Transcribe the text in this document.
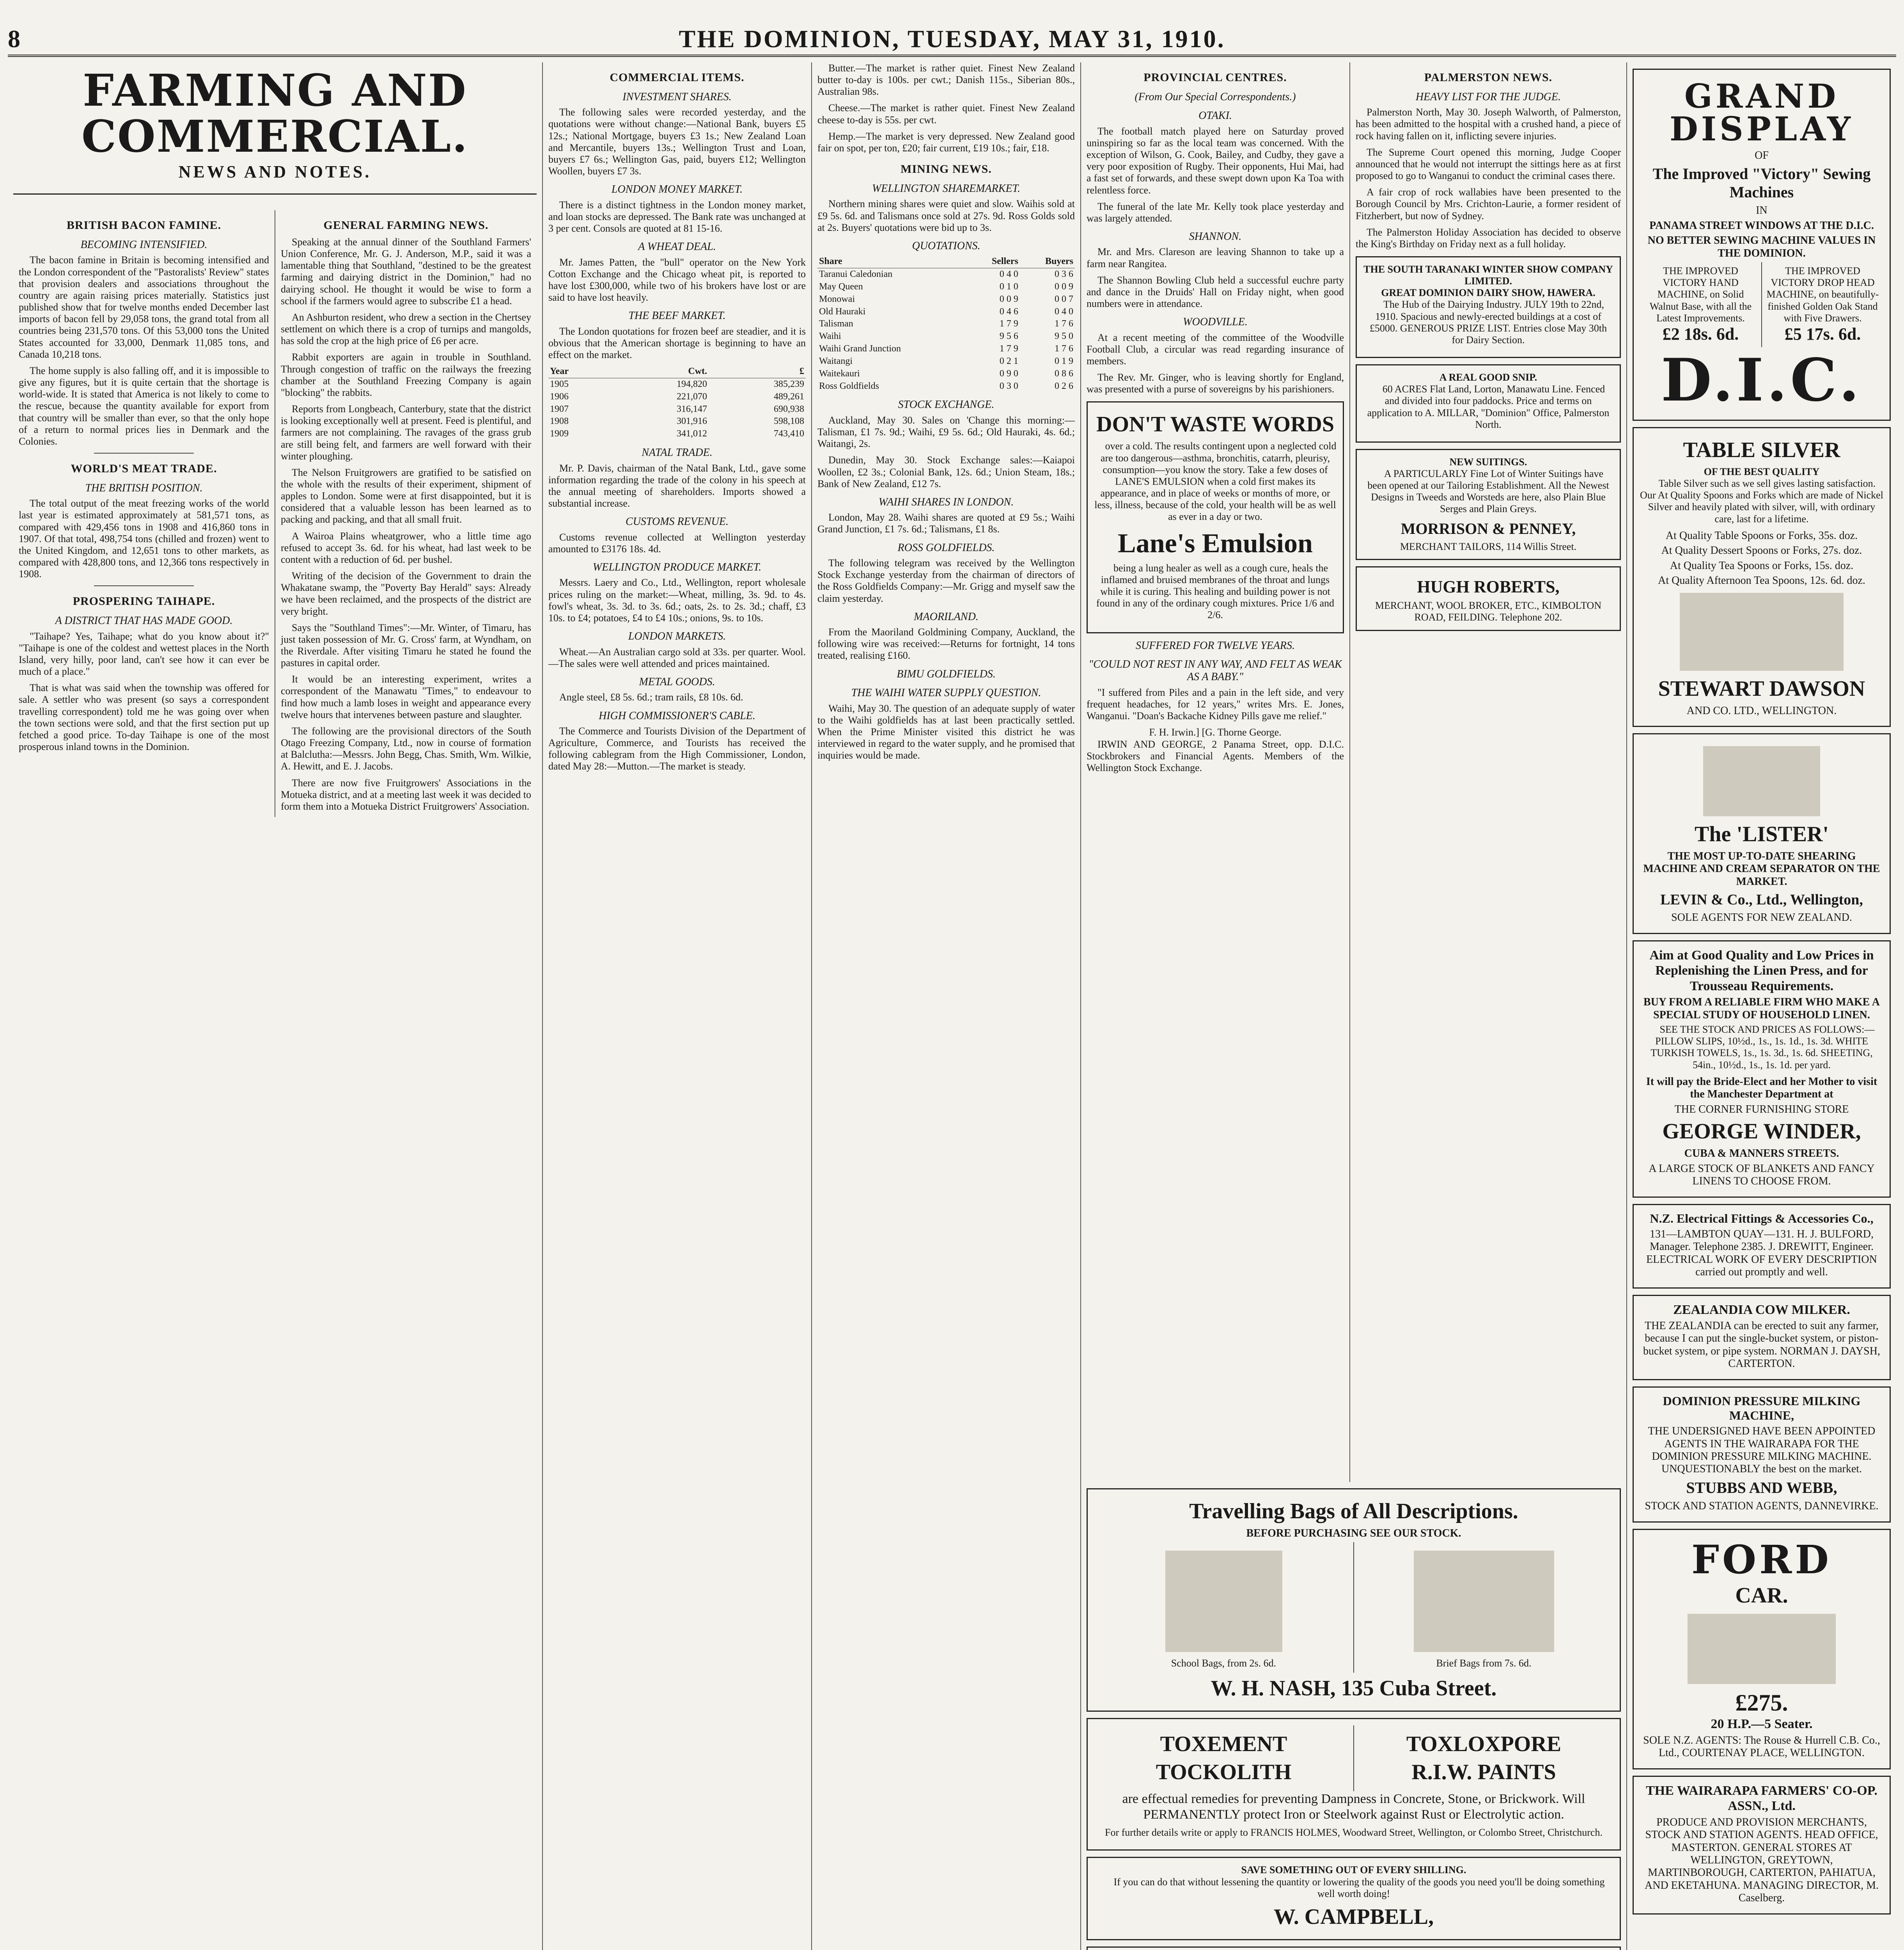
8	THE DOMINION, TUESDAY, MAY 31, 1910.
FARMING AND COMMERCIAL.
NEWS AND NOTES.
BRITISH BACON FAMINE.
BECOMING INTENSIFIED.

The bacon famine in Britain is becoming intensified and the London correspondent of the "Pastoralists' Review" states that provision dealers and associations throughout the country are again raising prices materially. Statistics just published show that for twelve months ended December last imports of bacon fell by 29,058 tons, the grand total from all countries being 231,570 tons. Of this 53,000 tons the United States accounted for 33,000, Denmark 11,085 tons, and Canada 10,218 tons.

The home supply is also falling off, and it is impossible to give any figures, but it is quite certain that the shortage is world-wide. It is stated that America is not likely to come to the rescue, because the quantity available for export from that country will be smaller than ever, so that the only hope of a return to normal prices lies in Denmark and the Colonies.

WORLD'S MEAT TRADE.
THE BRITISH POSITION.

The total output of the meat freezing works of the world last year is estimated approximately at 581,571 tons, as compared with 429,456 tons in 1908 and 416,860 tons in 1907. Of that total, 498,754 tons (chilled and frozen) went to the United Kingdom, and 12,651 tons to other markets, as compared with 428,800 tons, and 12,366 tons respectively in 1908.

PROSPERING TAIHAPE.
A DISTRICT THAT HAS MADE GOOD.

"Taihape? Yes, Taihape; what do you know about it?" "Taihape is one of the coldest and wettest places in the North Island, very hilly, poor land, can't see how it can ever be much of a place."

That is what was said when the township was offered for sale. A settler who was present (so says a correspondent travelling correspondent) told me he was going over when the town sections were sold, and that the first section put up fetched a good price. To-day Taihape is one of the most prosperous inland towns in the Dominion.

GENERAL FARMING NEWS.

Speaking at the annual dinner of the Southland Farmers' Union Conference, Mr. G. J. Anderson, M.P., said it was a lamentable thing that Southland, "destined to be the greatest farming and dairying district in the Dominion," had no dairying school. He thought it would be wise to form a school if the farmers would agree to subscribe £1 a head.

An Ashburton resident, who drew a section in the Chertsey settlement on which there is a crop of turnips and mangolds, has sold the crop at the high price of £6 per acre.

Rabbit exporters are again in trouble in Southland. Through congestion of traffic on the railways the freezing chamber at the Southland Freezing Company is again "blocking" the rabbits.

Reports from Longbeach, Canterbury, state that the district is looking exceptionally well at present. Feed is plentiful, and farmers are not complaining. The ravages of the grass grub are still being felt, and farmers are well forward with their winter ploughing.

The Nelson Fruitgrowers are gratified to be satisfied on the whole with the results of their experiment, shipment of apples to London. Some were at first disappointed, but it is considered that a valuable lesson has been learned as to packing and packing, and that all small fruit.

A Wairoa Plains wheatgrower, who a little time ago refused to accept 3s. 6d. for his wheat, had last week to be content with a reduction of 6d. per bushel.

Writing of the decision of the Government to drain the Whakatane swamp, the "Poverty Bay Herald" says: Already we have been reclaimed, and the prospects of the district are very bright.

Says the "Southland Times":—Mr. Winter, of Timaru, has just taken possession of Mr. G. Cross' farm, at Wyndham, on the Riverdale. After visiting Timaru he stated he found the pastures in capital order.

It would be an interesting experiment, writes a correspondent of the Manawatu "Times," to endeavour to find how much a lamb loses in weight and appearance every twelve hours that intervenes between pasture and slaughter.

The following are the provisional directors of the South Otago Freezing Company, Ltd., now in course of formation at Balclutha:—Messrs. John Begg, Chas. Smith, Wm. Wilkie, A. Hewitt, and E. J. Jacobs.

There are now five Fruitgrowers' Associations in the Motueka district, and at a meeting last week it was decided to form them into a Motueka District Fruitgrowers' Association.

COMMERCIAL ITEMS.
INVESTMENT SHARES.

The following sales were recorded yesterday, and the quotations were without change:—National Bank, buyers £5 12s.; National Mortgage, buyers £3 1s.; New Zealand Loan and Mercantile, buyers 13s.; Wellington Trust and Loan, buyers £7 6s.; Wellington Gas, paid, buyers £12; Wellington Woollen, buyers £7 3s.

LONDON MONEY MARKET.

There is a distinct tightness in the London money market, and loan stocks are depressed. The Bank rate was unchanged at 3 per cent. Consols are quoted at 81 15-16.

A WHEAT DEAL.

Mr. James Patten, the "bull" operator on the New York Cotton Exchange and the Chicago wheat pit, is reported to have lost £300,000, while two of his brokers have lost or are said to have lost heavily.

THE BEEF MARKET.

The London quotations for frozen beef are steadier, and it is obvious that the American shortage is beginning to have an effect on the market.

Year	Cwt.	£
1905	194,820	385,239
1906	221,070	489,261
1907	316,147	690,938
1908	301,916	598,108
1909	341,012	743,410
NATAL TRADE.

Mr. P. Davis, chairman of the Natal Bank, Ltd., gave some information regarding the trade of the colony in his speech at the annual meeting of shareholders. Imports showed a substantial increase.

CUSTOMS REVENUE.

Customs revenue collected at Wellington yesterday amounted to £3176 18s. 4d.

WELLINGTON PRODUCE MARKET.

Messrs. Laery and Co., Ltd., Wellington, report wholesale prices ruling on the market:—Wheat, milling, 3s. 9d. to 4s. fowl's wheat, 3s. 3d. to 3s. 6d.; oats, 2s. to 2s. 3d.; chaff, £3 10s. to £4; potatoes, £4 to £4 10s.; onions, 9s. to 10s.

LONDON MARKETS.

Wheat.—An Australian cargo sold at 33s. per quarter. Wool.—The sales were well attended and prices maintained.

METAL GOODS.

Angle steel, £8 5s. 6d.; tram rails, £8 10s. 6d.

HIGH COMMISSIONER'S CABLE.

The Commerce and Tourists Division of the Department of Agriculture, Commerce, and Tourists has received the following cablegram from the High Commissioner, London, dated May 28:—Mutton.—The market is steady.

Butter.—The market is rather quiet. Finest New Zealand butter to-day is 100s. per cwt.; Danish 115s., Siberian 80s., Australian 98s.

Cheese.—The market is rather quiet. Finest New Zealand cheese to-day is 55s. per cwt.

Hemp.—The market is very depressed. New Zealand good fair on spot, per ton, £20; fair current, £19 10s.; fair, £18.

MINING NEWS.
WELLINGTON SHAREMARKET.

Northern mining shares were quiet and slow. Waihis sold at £9 5s. 6d. and Talismans once sold at 27s. 9d. Ross Golds sold at 2s. Buyers' quotations were bid up to 3s.

QUOTATIONS.
Share	Sellers	Buyers
Taranui Caledonian	0 4 0	0 3 6
May Queen	0 1 0	0 0 9
Monowai	0 0 9	0 0 7
Old Hauraki	0 4 6	0 4 0
Talisman	1 7 9	1 7 6
Waihi	9 5 6	9 5 0
Waihi Grand Junction	1 7 9	1 7 6
Waitangi	0 2 1	0 1 9
Waitekauri	0 9 0	0 8 6
Ross Goldfields	0 3 0	0 2 6
STOCK EXCHANGE.

Auckland, May 30. Sales on 'Change this morning:—Talisman, £1 7s. 9d.; Waihi, £9 5s. 6d.; Old Hauraki, 4s. 6d.; Waitangi, 2s.

Dunedin, May 30. Stock Exchange sales:—Kaiapoi Woollen, £2 3s.; Colonial Bank, 12s. 6d.; Union Steam, 18s.; Bank of New Zealand, £12 7s.

WAIHI SHARES IN LONDON.

London, May 28. Waihi shares are quoted at £9 5s.; Waihi Grand Junction, £1 7s. 6d.; Talismans, £1 8s.

ROSS GOLDFIELDS.

The following telegram was received by the Wellington Stock Exchange yesterday from the chairman of directors of the Ross Goldfields Company:—Mr. Grigg and myself saw the claim yesterday.

MAORILAND.

From the Maoriland Goldmining Company, Auckland, the following wire was received:—Returns for fortnight, 14 tons treated, realising £160.

BIMU GOLDFIELDS.
THE WAIHI WATER SUPPLY QUESTION.

Waihi, May 30. The question of an adequate supply of water to the Waihi goldfields has at last been practically settled. When the Prime Minister visited this district he was interviewed in regard to the water supply, and he promised that inquiries would be made.

PROVINCIAL CENTRES.
(From Our Special Correspondents.)
OTAKI.

The football match played here on Saturday proved uninspiring so far as the local team was concerned. With the exception of Wilson, G. Cook, Bailey, and Cudby, they gave a very poor exposition of Rugby. Their opponents, Hui Mai, had a fast set of forwards, and these swept down upon Ka Toa with relentless force.

The funeral of the late Mr. Kelly took place yesterday and was largely attended.

SHANNON.

Mr. and Mrs. Clareson are leaving Shannon to take up a farm near Rangitea.

The Shannon Bowling Club held a successful euchre party and dance in the Druids' Hall on Friday night, when good numbers were in attendance.

WOODVILLE.

At a recent meeting of the committee of the Woodville Football Club, a circular was read regarding insurance of members.

The Rev. Mr. Ginger, who is leaving shortly for England, was presented with a purse of sovereigns by his parishioners.

DON'T WASTE WORDS

over a cold. The results contingent upon a neglected cold are too dangerous—asthma, bronchitis, catarrh, pleurisy, consumption—you know the story. Take a few doses of LANE'S EMULSION when a cold first makes its appearance, and in place of weeks or months of more, or less, illness, because of the cold, your health will be as well as ever in a day or two.

Lane's Emulsion

being a lung healer as well as a cough cure, heals the inflamed and bruised membranes of the throat and lungs while it is curing. This healing and building power is not found in any of the ordinary cough mixtures. Price 1/6 and 2/6.

SUFFERED FOR TWELVE YEARS.
"COULD NOT REST IN ANY WAY, AND FELT AS WEAK AS A BABY."

"I suffered from Piles and a pain in the left side, and very frequent headaches, for 12 years," writes Mrs. E. Jones, Wanganui. "Doan's Backache Kidney Pills gave me relief."

F. H. Irwin.] [G. Thorne George.

IRWIN AND GEORGE, 2 Panama Street, opp. D.I.C. Stockbrokers and Financial Agents. Members of the Wellington Stock Exchange.

PALMERSTON NEWS.
HEAVY LIST FOR THE JUDGE.

Palmerston North, May 30. Joseph Walworth, of Palmerston, has been admitted to the hospital with a crushed hand, a piece of rock having fallen on it, inflicting severe injuries.

The Supreme Court opened this morning, Judge Cooper announced that he would not interrupt the sittings here as at first proposed to go to Wanganui to conduct the criminal cases there.

A fair crop of rock wallabies have been presented to the Borough Council by Mrs. Crichton-Laurie, a former resident of Fitzherbert, but now of Sydney.

The Palmerston Holiday Association has decided to observe the King's Birthday on Friday next as a full holiday.

THE SOUTH TARANAKI WINTER SHOW COMPANY LIMITED.
GREAT DOMINION DAIRY SHOW, HAWERA.

The Hub of the Dairying Industry. JULY 19th to 22nd, 1910. Spacious and newly-erected buildings at a cost of £5000. GENEROUS PRIZE LIST. Entries close May 30th for Dairy Section.

A REAL GOOD SNIP.

60 ACRES Flat Land, Lorton, Manawatu Line. Fenced and divided into four paddocks. Price and terms on application to A. MILLAR, "Dominion" Office, Palmerston North.

NEW SUITINGS.

A PARTICULARLY Fine Lot of Winter Suitings have been opened at our Tailoring Establishment. All the Newest Designs in Tweeds and Worsteds are here, also Plain Blue Serges and Plain Greys.

MORRISON & PENNEY,
MERCHANT TAILORS, 114 Willis Street.
HUGH ROBERTS,
MERCHANT, WOOL BROKER, ETC., KIMBOLTON ROAD, FEILDING. Telephone 202.
Travelling Bags of All Descriptions.
BEFORE PURCHASING SEE OUR STOCK.
School Bags, from 2s. 6d.	Brief Bags from 7s. 6d.
W. H. NASH, 135 Cuba Street.
TOXEMENT
TOCKOLITH
TOXLOXPORE
R.I.W. PAINTS

are effectual remedies for preventing Dampness in Concrete, Stone, or Brickwork. Will PERMANENTLY protect Iron or Steelwork against Rust or Electrolytic action.

For further details write or apply to FRANCIS HOLMES, Woodward Street, Wellington, or Colombo Street, Christchurch.

SAVE SOMETHING OUT OF EVERY SHILLING.

If you can do that without lessening the quantity or lowering the quality of the goods you need you'll be doing something well worth doing!

W. CAMPBELL,

GRAND DISPLAY
OF
The Improved "Victory" Sewing Machines
IN
PANAMA STREET WINDOWS AT THE D.I.C.
NO BETTER SEWING MACHINE VALUES IN THE DOMINION.
THE IMPROVED VICTORY HAND MACHINE, on Solid Walnut Base, with all the Latest Improvements.
£2 18s. 6d.
THE IMPROVED VICTORY DROP HEAD MACHINE, on beautifully-finished Golden Oak Stand with Five Drawers.
£5 17s. 6d.
D.I.C.
TABLE SILVER
OF THE BEST QUALITY

Table Silver such as we sell gives lasting satisfaction. Our At Quality Spoons and Forks which are made of Nickel Silver and heavily plated with silver, will, with ordinary care, last for a lifetime.

At Quality Table Spoons or Forks, 35s. doz.
At Quality Dessert Spoons or Forks, 27s. doz.
At Quality Tea Spoons or Forks, 15s. doz.
At Quality Afternoon Tea Spoons, 12s. 6d. doz.
STEWART DAWSON
AND CO. LTD., WELLINGTON.
The 'LISTER'
THE MOST UP-TO-DATE SHEARING MACHINE AND CREAM SEPARATOR ON THE MARKET.
LEVIN & Co., Ltd., Wellington,
SOLE AGENTS FOR NEW ZEALAND.
Aim at Good Quality and Low Prices in Replenishing the Linen Press, and for Trousseau Requirements.
BUY FROM A RELIABLE FIRM WHO MAKE A SPECIAL STUDY OF HOUSEHOLD LINEN.

SEE THE STOCK AND PRICES AS FOLLOWS:— PILLOW SLIPS, 10½d., 1s., 1s. 1d., 1s. 3d. WHITE TURKISH TOWELS, 1s., 1s. 3d., 1s. 6d. SHEETING, 54in., 10½d., 1s., 1s. 1d. per yard.

It will pay the Bride-Elect and her Mother to visit the Manchester Department at
THE CORNER FURNISHING STORE
GEORGE WINDER,
CUBA & MANNERS STREETS.
A LARGE STOCK OF BLANKETS AND FANCY LINENS TO CHOOSE FROM.
N.Z. Electrical Fittings & Accessories Co.,
131—LAMBTON QUAY—131. H. J. BULFORD, Manager. Telephone 2385. J. DREWITT, Engineer. ELECTRICAL WORK OF EVERY DESCRIPTION carried out promptly and well.
ZEALANDIA COW MILKER.
THE ZEALANDIA can be erected to suit any farmer, because I can put the single-bucket system, or piston-bucket system, or pipe system. NORMAN J. DAYSH, CARTERTON.
DOMINION PRESSURE MILKING MACHINE,
THE UNDERSIGNED HAVE BEEN APPOINTED AGENTS IN THE WAIRARAPA FOR THE DOMINION PRESSURE MILKING MACHINE. UNQUESTIONABLY the best on the market.
STUBBS AND WEBB,
STOCK AND STATION AGENTS, DANNEVIRKE.
FORD
CAR.
£275.
20 H.P.—5 Seater.
SOLE N.Z. AGENTS: The Rouse & Hurrell C.B. Co., Ltd., COURTENAY PLACE, WELLINGTON.
THE WAIRARAPA FARMERS' CO-OP. ASSN., Ltd.
PRODUCE AND PROVISION MERCHANTS, STOCK AND STATION AGENTS. HEAD OFFICE, MASTERTON. GENERAL STORES AT WELLINGTON, GREYTOWN, MARTINBOROUGH, CARTERTON, PAHIATUA, AND EKETAHUNA. MANAGING DIRECTOR, M. Caselberg.
